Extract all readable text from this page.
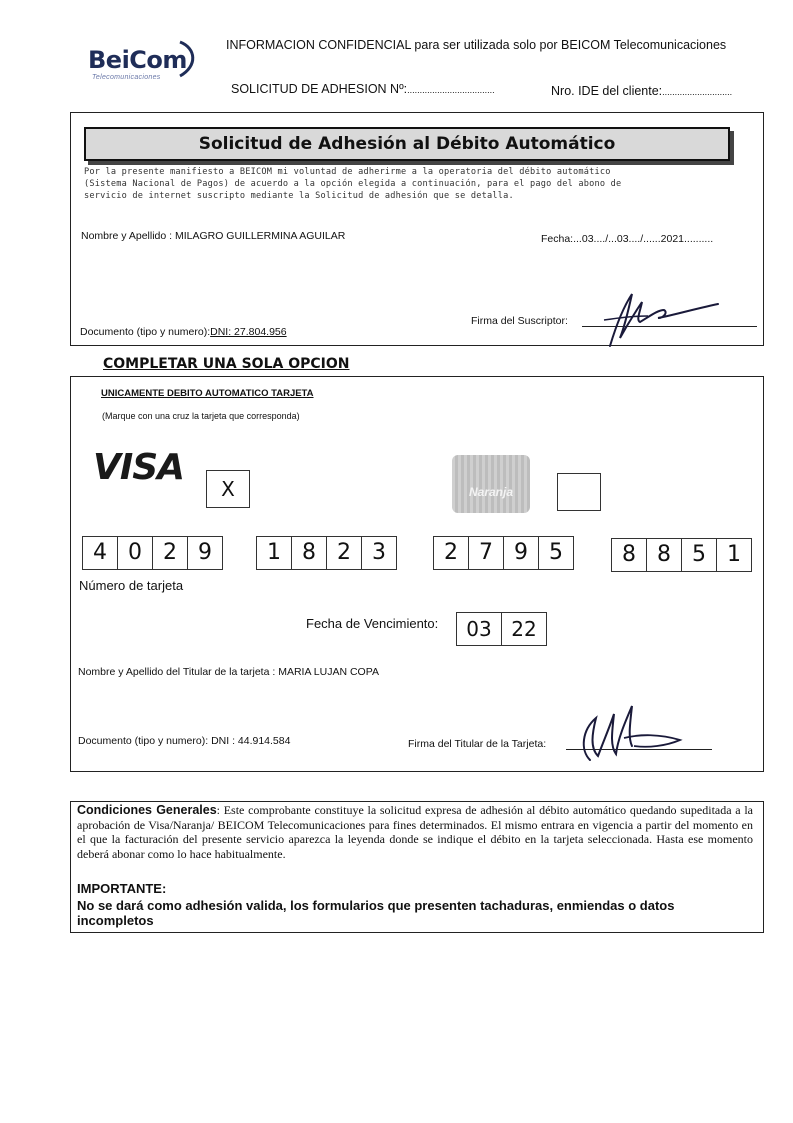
BeiCom
Telecomunicaciones
INFORMACION CONFIDENCIAL para ser utilizada solo por BEICOM Telecomunicaciones
SOLICITUD DE ADHESION Nº:...................................	Nro. IDE del cliente:............................
Solicitud de Adhesión al Débito Automático
Por la presente manifiesto a BEICOM mi voluntad de adherirme a la operatoria del débito automático
(Sistema Nacional de Pagos) de acuerdo a la opción elegida a continuación, para el pago del abono de
servicio de internet suscripto mediante la Solicitud de adhesión que se detalla.
Nombre y Apellido : MILAGRO GUILLERMINA AGUILAR	Fecha:...03..../...03..../......2021..........
Firma del Suscriptor:
Documento (tipo y numero):DNI: 27.804.956
COMPLETAR UNA SOLA OPCION
UNICAMENTE DEBITO AUTOMATICO TARJETA
(Marque con una cruz la tarjeta que corresponda)
VISA
X	Naranja
4 0 2 9	1 8 2 3	2 7 9 5	8 8 5 1
Número de tarjeta
Fecha de Vencimiento:	03 22
Nombre y Apellido del Titular de la tarjeta : MARIA LUJAN COPA
Documento (tipo y numero): DNI : 44.914.584	Firma del Titular de la Tarjeta:
Condiciones Generales: Este comprobante constituye la solicitud expresa de adhesión al débito automático quedando supeditada a la aprobación de Visa/Naranja/ BEICOM Telecomunicaciones para fines determinados. El mismo entrara en vigencia a partir del momento en el que la facturación del presente servicio aparezca la leyenda donde se indique el débito en la tarjeta seleccionada. Hasta ese momento deberá abonar como lo hace habitualmente.
IMPORTANTE:
No se dará como adhesión valida, los formularios que presenten tachaduras, enmiendas o datos incompletos
